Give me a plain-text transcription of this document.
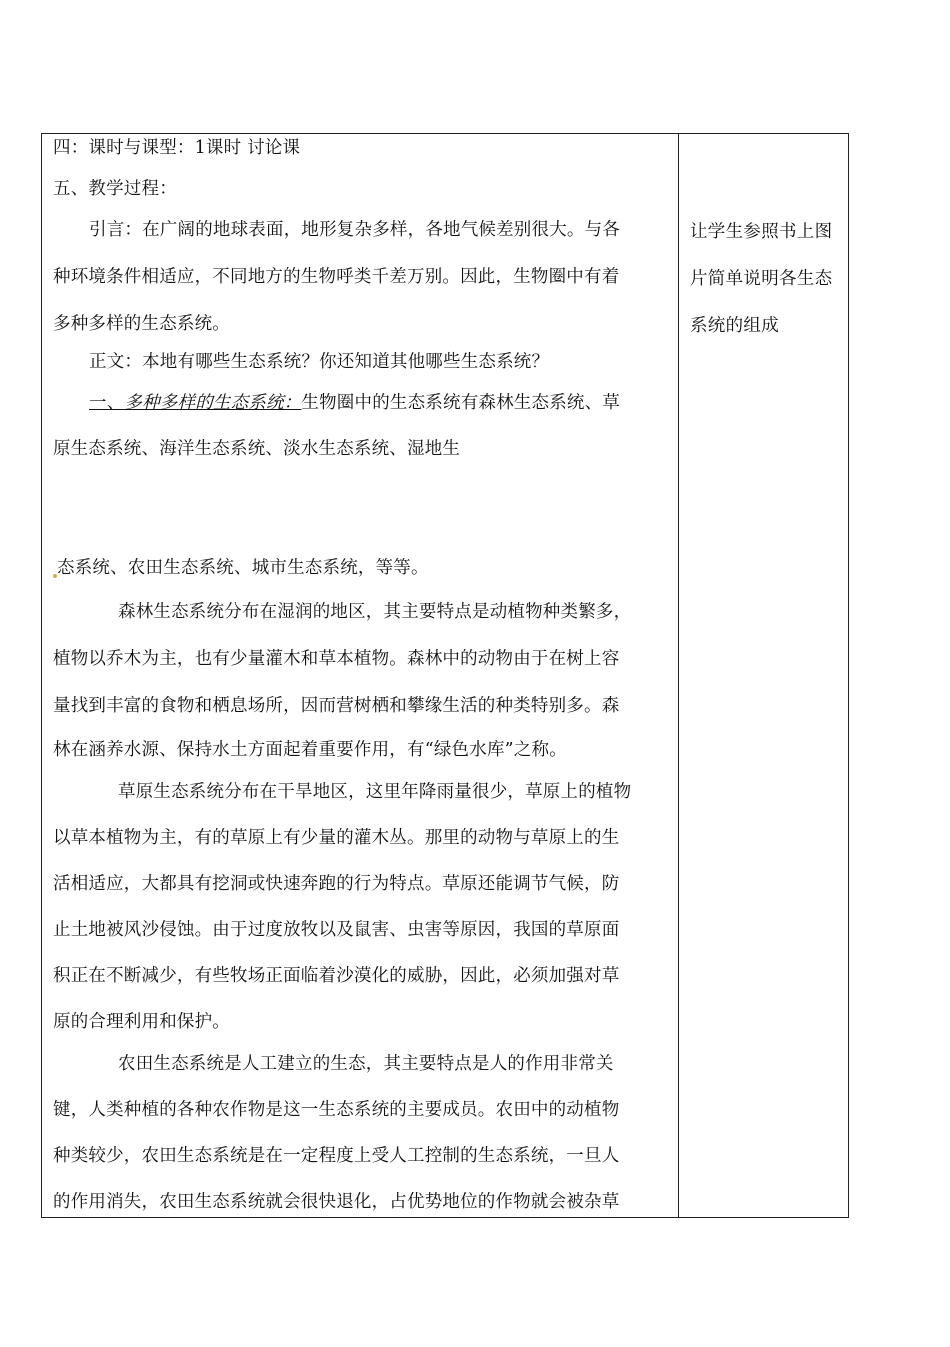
四：课时与课型：1课时 讨论课
五、教学过程：
引言：在广阔的地球表面，地形复杂多样，各地气候差别很大。与各
种环境条件相适应，不同地方的生物呼类千差万别。因此，生物圈中有着
多种多样的生态系统。
正文：本地有哪些生态系统？你还知道其他哪些生态系统？
一、多种多样的生态系统：生物圈中的生态系统有森林生态系统、草
原生态系统、海洋生态系统、淡水生态系统、湿地生
态系统、农田生态系统、城市生态系统，等等。
森林生态系统分布在湿润的地区，其主要特点是动植物种类繁多，
植物以乔木为主，也有少量灌木和草本植物。森林中的动物由于在树上容
量找到丰富的食物和栖息场所，因而营树栖和攀缘生活的种类特别多。森
林在涵养水源、保持水土方面起着重要作用，有“绿色水库”之称。
草原生态系统分布在干旱地区，这里年降雨量很少，草原上的植物
以草本植物为主，有的草原上有少量的灌木丛。那里的动物与草原上的生
活相适应，大都具有挖洞或快速奔跑的行为特点。草原还能调节气候，防
止土地被风沙侵蚀。由于过度放牧以及鼠害、虫害等原因，我国的草原面
积正在不断减少，有些牧场正面临着沙漠化的威胁，因此，必须加强对草
原的合理利用和保护。
农田生态系统是人工建立的生态，其主要特点是人的作用非常关
键，人类种植的各种农作物是这一生态系统的主要成员。农田中的动植物
种类较少，农田生态系统是在一定程度上受人工控制的生态系统，一旦人
的作用消失，农田生态系统就会很快退化，占优势地位的作物就会被杂草
让学生参照书上图
片简单说明各生态
系统的组成
